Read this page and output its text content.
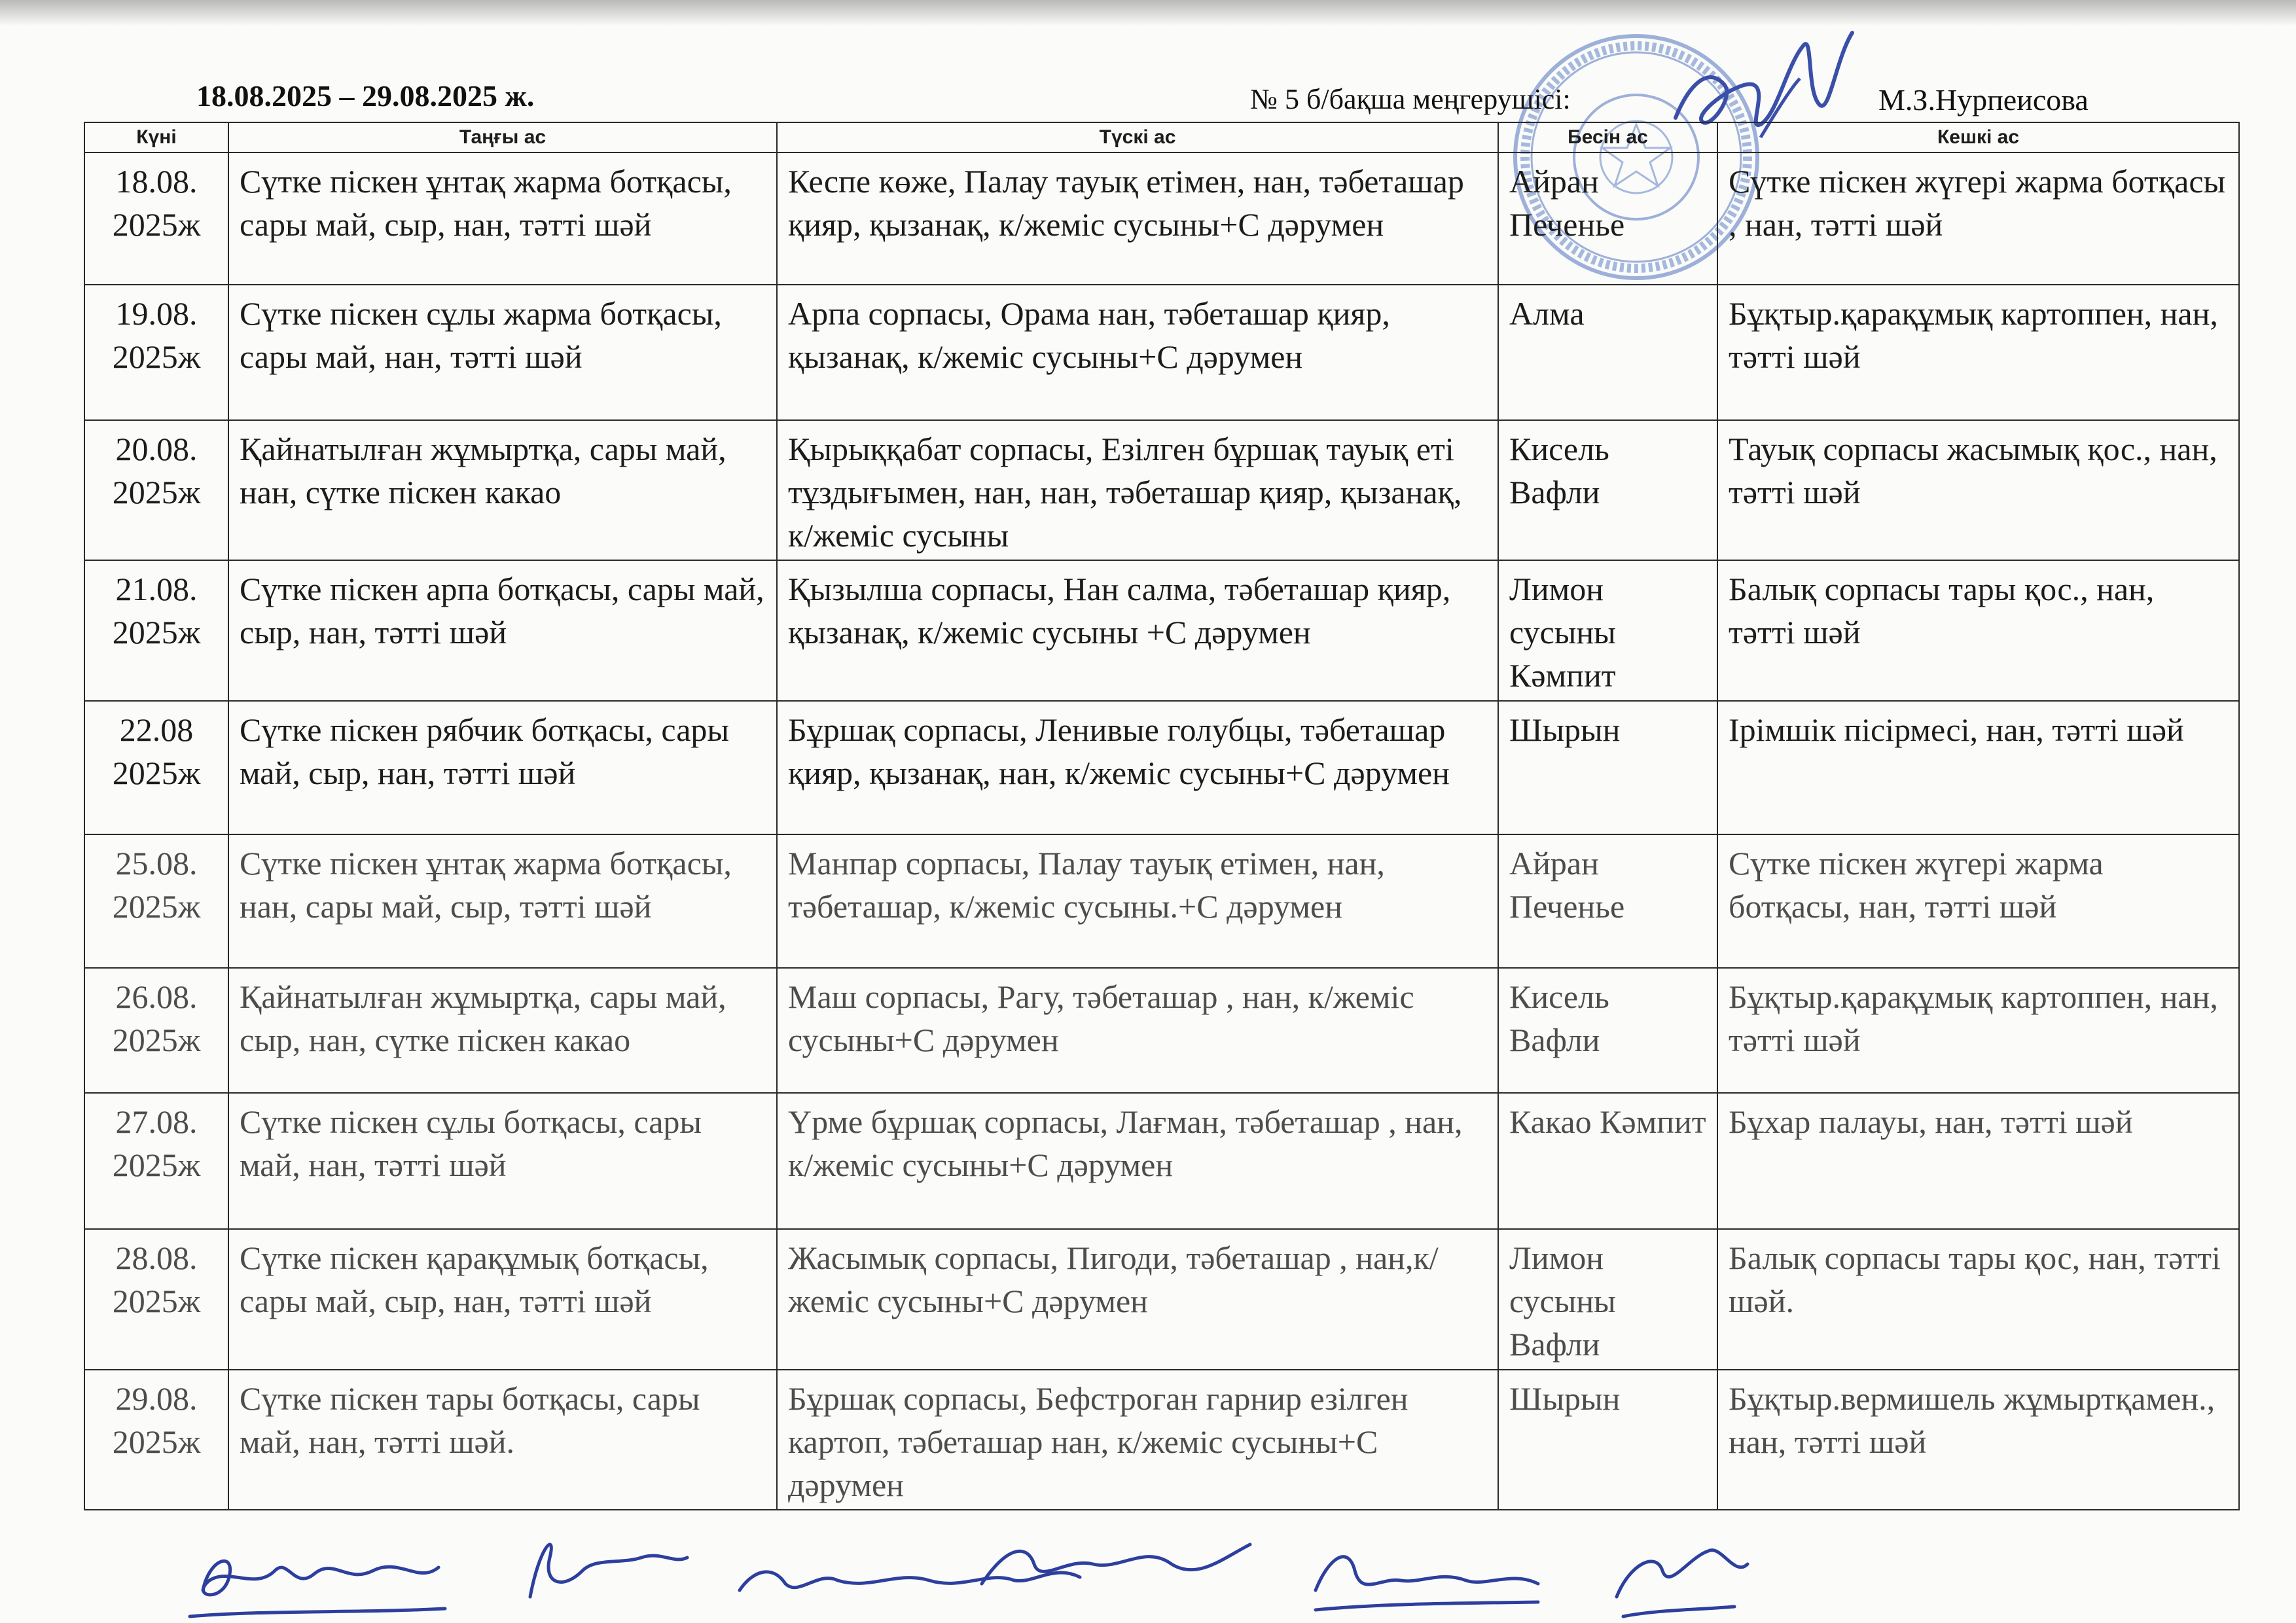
18.08.2025 – 29.08.2025 ж.	№ 5 б/бақша меңгерушісі:	М.З.Нурпеисова
Күні	Таңғы ас	Түскі ас	Бесін ас	Кешкі ас
18.08. 2025ж	Сүтке піскен ұнтақ жарма ботқасы, сары май, сыр, нан, тәтті шәй	Кеспе көже, Палау тауық етімен, нан, тәбеташар қияр, қызанақ, к/жеміс сусыны+С дәрумен	Айран Печенье	Сүтке піскен жүгері жарма ботқасы , нан, тәтті шәй
19.08. 2025ж	Сүтке піскен сұлы жарма ботқасы, сары май, нан, тәтті шәй	Арпа сорпасы, Орама нан, тәбеташар қияр, қызанақ, к/жеміс сусыны+С дәрумен	Алма	Бұқтыр.қарақұмық картоппен, нан, тәтті шәй
20.08. 2025ж	Қайнатылған жұмыртқа, сары май, нан, сүтке піскен какао	Қырыққабат сорпасы, Езілген бұршақ тауық еті тұздығымен, нан, нан, тәбеташар қияр, қызанақ, к/жеміс сусыны	Кисель Вафли	Тауық сорпасы жасымық қос., нан, тәтті шәй
21.08. 2025ж	Сүтке піскен арпа ботқасы, сары май, сыр, нан, тәтті шәй	Қызылша сорпасы, Нан салма, тәбеташар қияр, қызанақ, к/жеміс сусыны +С дәрумен	Лимон сусыны Кәмпит	Балық сорпасы тары қос., нан, тәтті шәй
22.08 2025ж	Сүтке піскен рябчик ботқасы, сары май, сыр, нан, тәтті шәй	Бұршақ сорпасы, Ленивые голубцы, тәбеташар қияр, қызанақ, нан, к/жеміс сусыны+С дәрумен	Шырын	Ірімшік пісірмесі, нан, тәтті шәй
25.08. 2025ж	Сүтке піскен ұнтақ жарма ботқасы, нан, сары май, сыр, тәтті шәй	Манпар сорпасы, Палау тауық етімен, нан, тәбеташар, к/жеміс сусыны.+С дәрумен	Айран Печенье	Сүтке піскен жүгері жарма ботқасы, нан, тәтті шәй
26.08. 2025ж	Қайнатылған жұмыртқа, сары май, сыр, нан, сүтке піскен какао	Маш сорпасы, Рагу, тәбеташар , нан, к/жеміс сусыны+С дәрумен	Кисель Вафли	Бұқтыр.қарақұмық картоппен, нан, тәтті шәй
27.08. 2025ж	Сүтке піскен сұлы ботқасы, сары май, нан, тәтті шәй	Үрме бұршақ сорпасы, Лағман, тәбеташар , нан, к/жеміс сусыны+С дәрумен	Какао Кәмпит	Бұхар палауы, нан, тәтті шәй
28.08. 2025ж	Сүтке піскен қарақұмық ботқасы, сары май, сыр, нан, тәтті шәй	Жасымық сорпасы, Пигоди, тәбеташар , нан,к/жеміс сусыны+С дәрумен	Лимон сусыны Вафли	Балық сорпасы тары қос, нан, тәтті шәй.
29.08. 2025ж	Сүтке піскен тары ботқасы, сары май, нан, тәтті шәй.	Бұршақ сорпасы, Бефстроган гарнир езілген картоп, тәбеташар нан, к/жеміс сусыны+С дәрумен	Шырын	Бұқтыр.вермишель жұмыртқамен., нан, тәтті шәй
